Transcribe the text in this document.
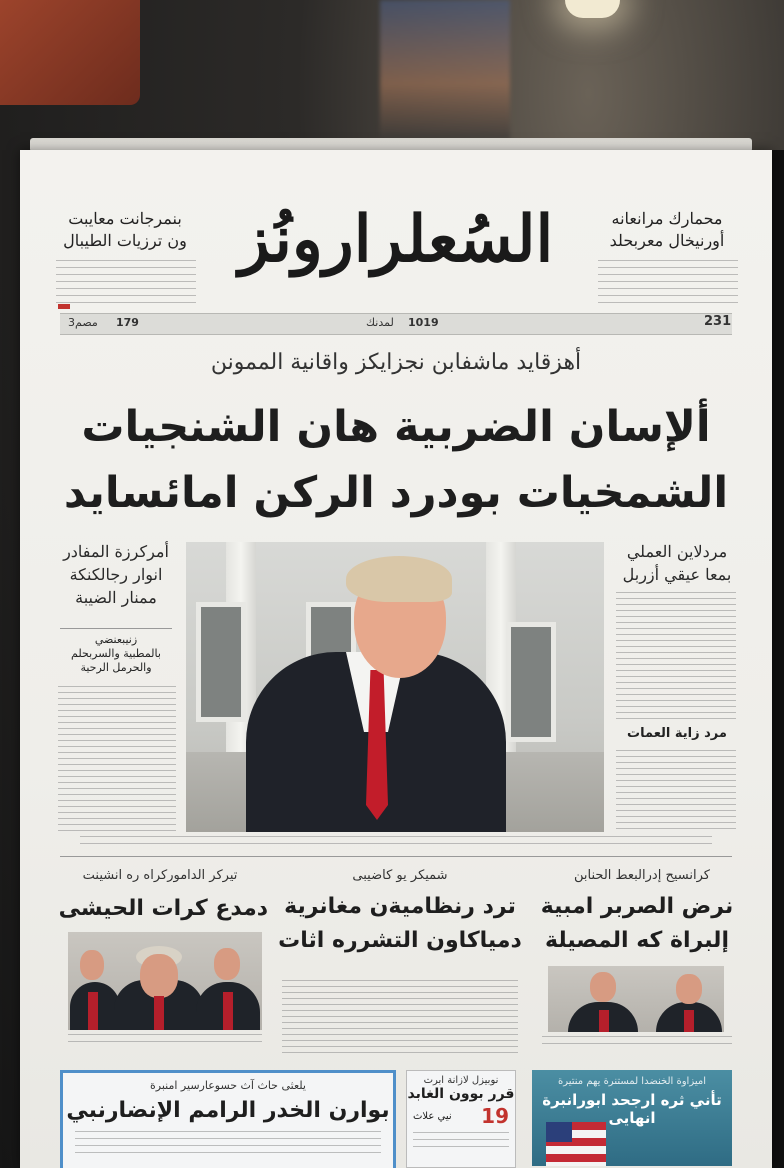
محمارك مرانعانه
أورنيخال معربحلد
بنمرجانت معايبت
ون ترزيات الطيبال السُعلرارونُز
3مصم 179	لمدنك 1019	231
أهزقايد ماشفابن نجزايكز واقانية الممونن
ألإسان الضربية هان الشنجيات
الشمخيات بودرد الركن امائسايد
مردلاين العملي
بمعا عيقي أزربل
مرد زاية العمات
أمركرزة المفادر
انوار رجالكنكة
ممنار الضيبة
زنيبعنضي
بالمطبية والسربحلم
والحرمل الرحية
كرانسيح إدرالبعط الحنابن
نرض الصربر امبية
إلبراة كه المصيلة
شميكر يو كاضيبى
ترد رنظاميةن مغانرية
دمياكاون التشرره اثات
تيركر الداموركراه ره انشينت
دمدع كرات الحيشى
يلعثى حاث آث حسوعارسير امنبرة
بوارن الخدر الرامم الإنضارنبي
نوبيزل لازانة ابرت
قرر بوون الغابد
نيي علاث 19
اميزاوة الخنضدا لمستنرة يهم منتيرة
تأني ثره ارجحد ابورانبرة انهايى
